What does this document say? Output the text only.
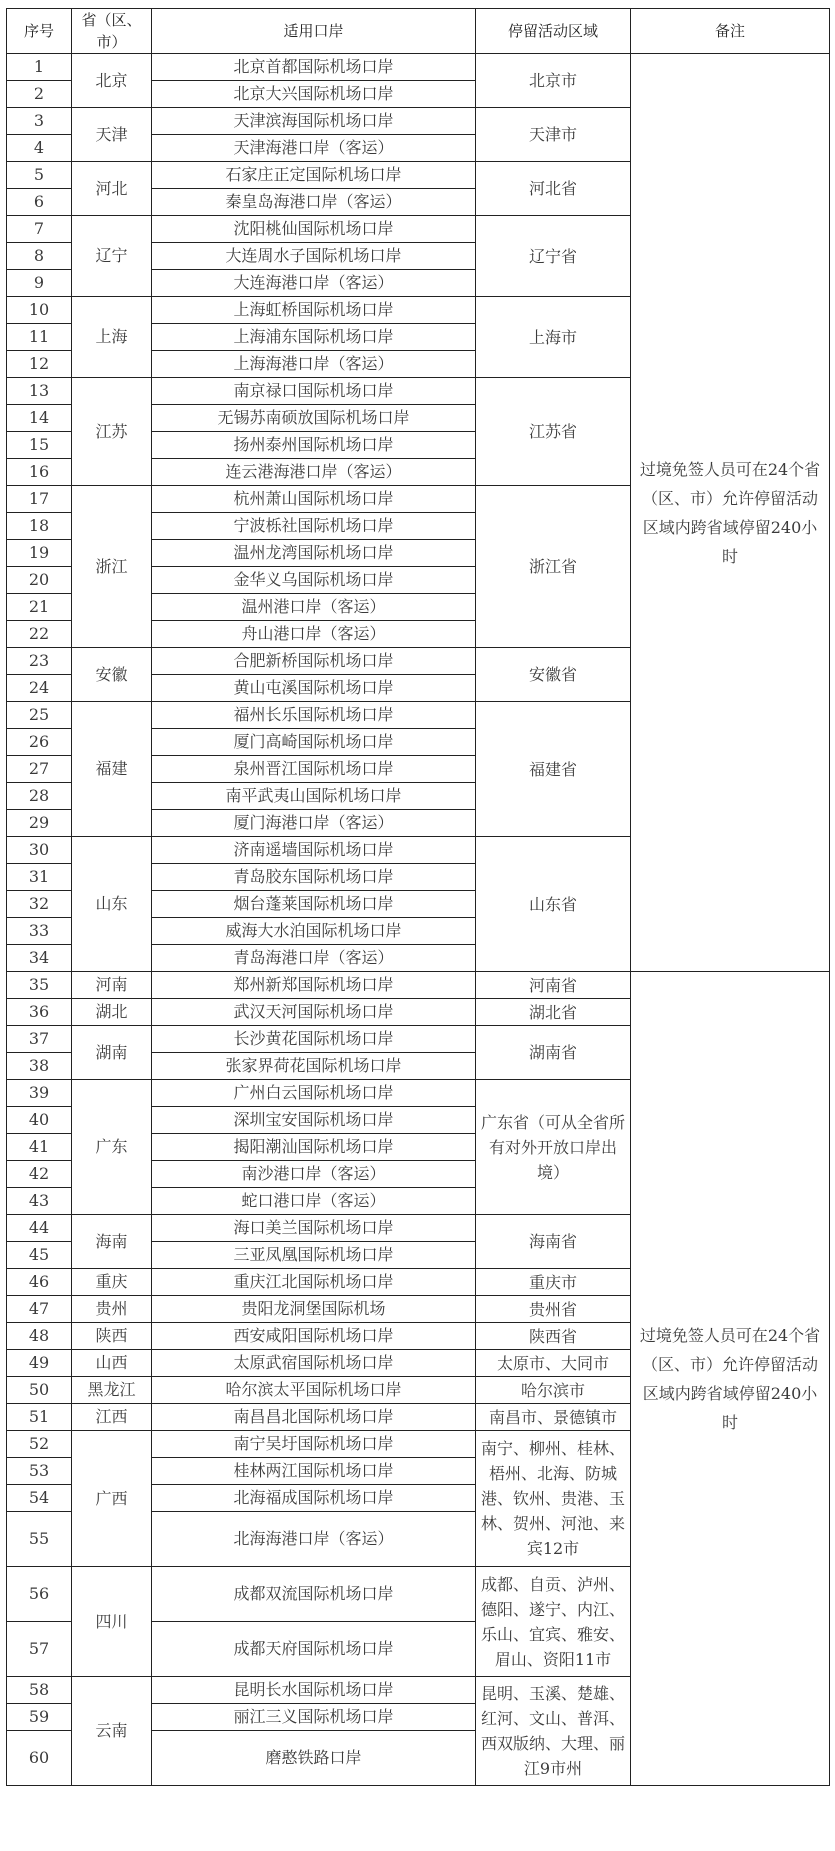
序号	省（区、市）	适用口岸	停留活动区域	备注
1	北京	北京首都国际机场口岸	北京市	过境免签人员可在24个省（区、市）允许停留活动区域内跨省域停留240小时
2		北京大兴国际机场口岸		
3	天津	天津滨海国际机场口岸	天津市	
4		天津海港口岸（客运）		
5	河北	石家庄正定国际机场口岸	河北省	
6		秦皇岛海港口岸（客运）		
7	辽宁	沈阳桃仙国际机场口岸	辽宁省	
8		大连周水子国际机场口岸		
9		大连海港口岸（客运）		
10	上海	上海虹桥国际机场口岸	上海市	
11		上海浦东国际机场口岸		
12		上海海港口岸（客运）		
13	江苏	南京禄口国际机场口岸	江苏省	
14		无锡苏南硕放国际机场口岸		
15		扬州泰州国际机场口岸		
16		连云港海港口岸（客运）		
17	浙江	杭州萧山国际机场口岸	浙江省	
18		宁波栎社国际机场口岸		
19		温州龙湾国际机场口岸		
20		金华义乌国际机场口岸		
21		温州港口岸（客运）		
22		舟山港口岸（客运）		
23	安徽	合肥新桥国际机场口岸	安徽省	
24		黄山屯溪国际机场口岸		
25	福建	福州长乐国际机场口岸	福建省	
26		厦门高崎国际机场口岸		
27		泉州晋江国际机场口岸		
28		南平武夷山国际机场口岸		
29		厦门海港口岸（客运）		
30	山东	济南遥墙国际机场口岸	山东省	
31		青岛胶东国际机场口岸		
32		烟台蓬莱国际机场口岸		
33		威海大水泊国际机场口岸		
34		青岛海港口岸（客运）		
35	河南	郑州新郑国际机场口岸	河南省	过境免签人员可在24个省（区、市）允许停留活动区域内跨省域停留240小时
36	湖北	武汉天河国际机场口岸	湖北省	
37	湖南	长沙黄花国际机场口岸	湖南省	
38		张家界荷花国际机场口岸		
39	广东	广州白云国际机场口岸	广东省（可从全省所有对外开放口岸出境）	
40		深圳宝安国际机场口岸		
41		揭阳潮汕国际机场口岸		
42		南沙港口岸（客运）		
43		蛇口港口岸（客运）		
44	海南	海口美兰国际机场口岸	海南省	
45		三亚凤凰国际机场口岸		
46	重庆	重庆江北国际机场口岸	重庆市	
47	贵州	贵阳龙洞堡国际机场	贵州省	
48	陕西	西安咸阳国际机场口岸	陕西省	
49	山西	太原武宿国际机场口岸	太原市、大同市	
50	黑龙江	哈尔滨太平国际机场口岸	哈尔滨市	
51	江西	南昌昌北国际机场口岸	南昌市、景德镇市	
52	广西	南宁吴圩国际机场口岸	南宁、柳州、桂林、梧州、北海、防城港、钦州、贵港、玉林、贺州、河池、来宾12市	
53		桂林两江国际机场口岸		
54		北海福成国际机场口岸		
55		北海海港口岸（客运）		
56	四川	成都双流国际机场口岸	成都、自贡、泸州、德阳、遂宁、内江、乐山、宜宾、雅安、眉山、资阳11市	
57		成都天府国际机场口岸		
58	云南	昆明长水国际机场口岸	昆明、玉溪、楚雄、红河、文山、普洱、西双版纳、大理、丽江9市州	
59		丽江三义国际机场口岸		
60		磨憨铁路口岸		
